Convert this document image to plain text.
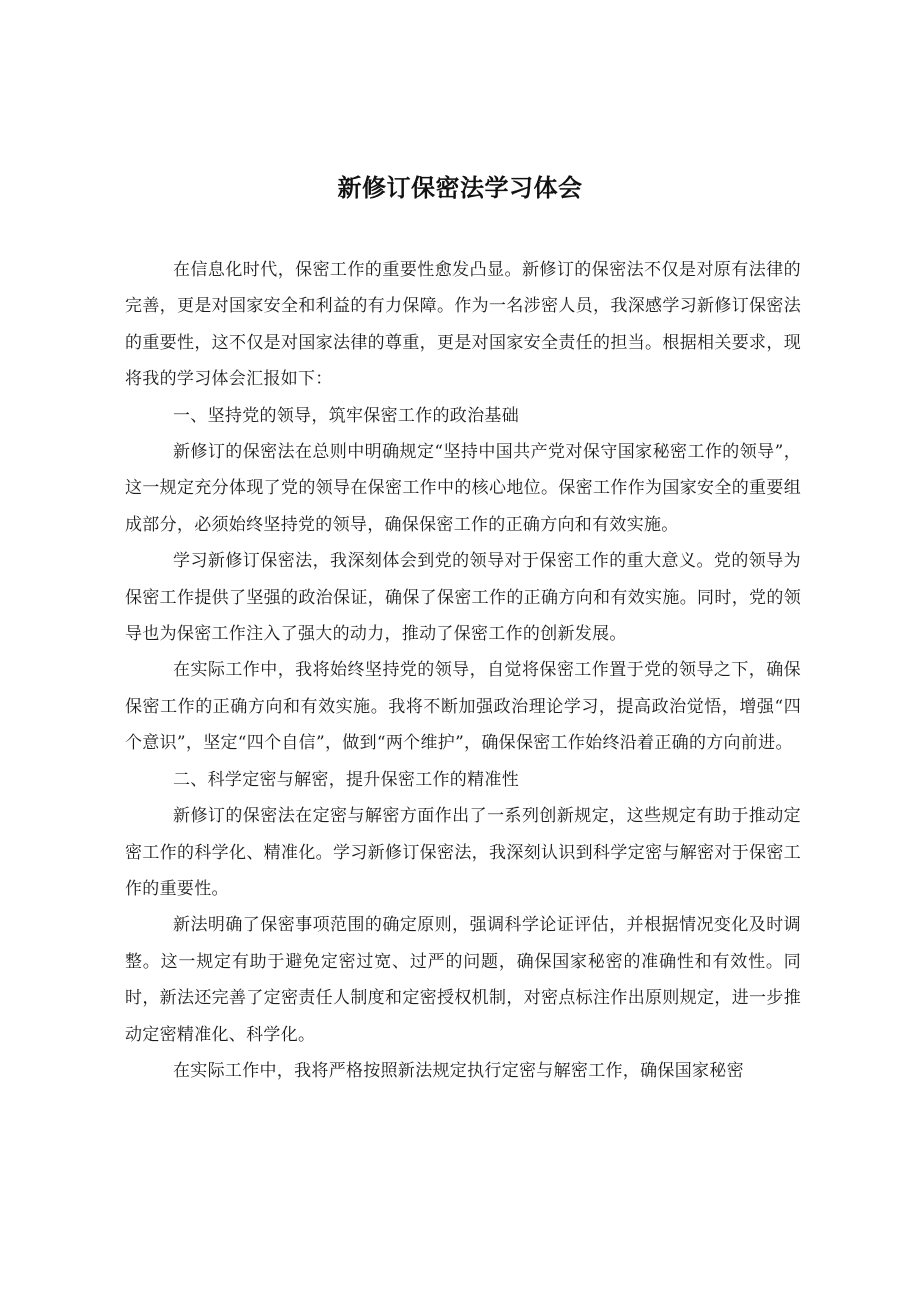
新修订保密法学习体会

在信息化时代，保密工作的重要性愈发凸显。新修订的保密法不仅是对原有法律的完善，更是对国家安全和利益的有力保障。作为一名涉密人员，我深感学习新修订保密法的重要性，这不仅是对国家法律的尊重，更是对国家安全责任的担当。根据相关要求，现将我的学习体会汇报如下：

一、坚持党的领导，筑牢保密工作的政治基础

新修订的保密法在总则中明确规定“坚持中国共产党对保守国家秘密工作的领导”，这一规定充分体现了党的领导在保密工作中的核心地位。保密工作作为国家安全的重要组成部分，必须始终坚持党的领导，确保保密工作的正确方向和有效实施。

学习新修订保密法，我深刻体会到党的领导对于保密工作的重大意义。党的领导为保密工作提供了坚强的政治保证，确保了保密工作的正确方向和有效实施。同时，党的领导也为保密工作注入了强大的动力，推动了保密工作的创新发展。

在实际工作中，我将始终坚持党的领导，自觉将保密工作置于党的领导之下，确保保密工作的正确方向和有效实施。我将不断加强政治理论学习，提高政治觉悟，增强“四个意识”，坚定“四个自信”，做到“两个维护”，确保保密工作始终沿着正确的方向前进。

二、科学定密与解密，提升保密工作的精准性

新修订的保密法在定密与解密方面作出了一系列创新规定，这些规定有助于推动定密工作的科学化、精准化。学习新修订保密法，我深刻认识到科学定密与解密对于保密工作的重要性。

新法明确了保密事项范围的确定原则，强调科学论证评估，并根据情况变化及时调整。这一规定有助于避免定密过宽、过严的问题，确保国家秘密的准确性和有效性。同时，新法还完善了定密责任人制度和定密授权机制，对密点标注作出原则规定，进一步推动定密精准化、科学化。

在实际工作中，我将严格按照新法规定执行定密与解密工作，确保国家秘密
